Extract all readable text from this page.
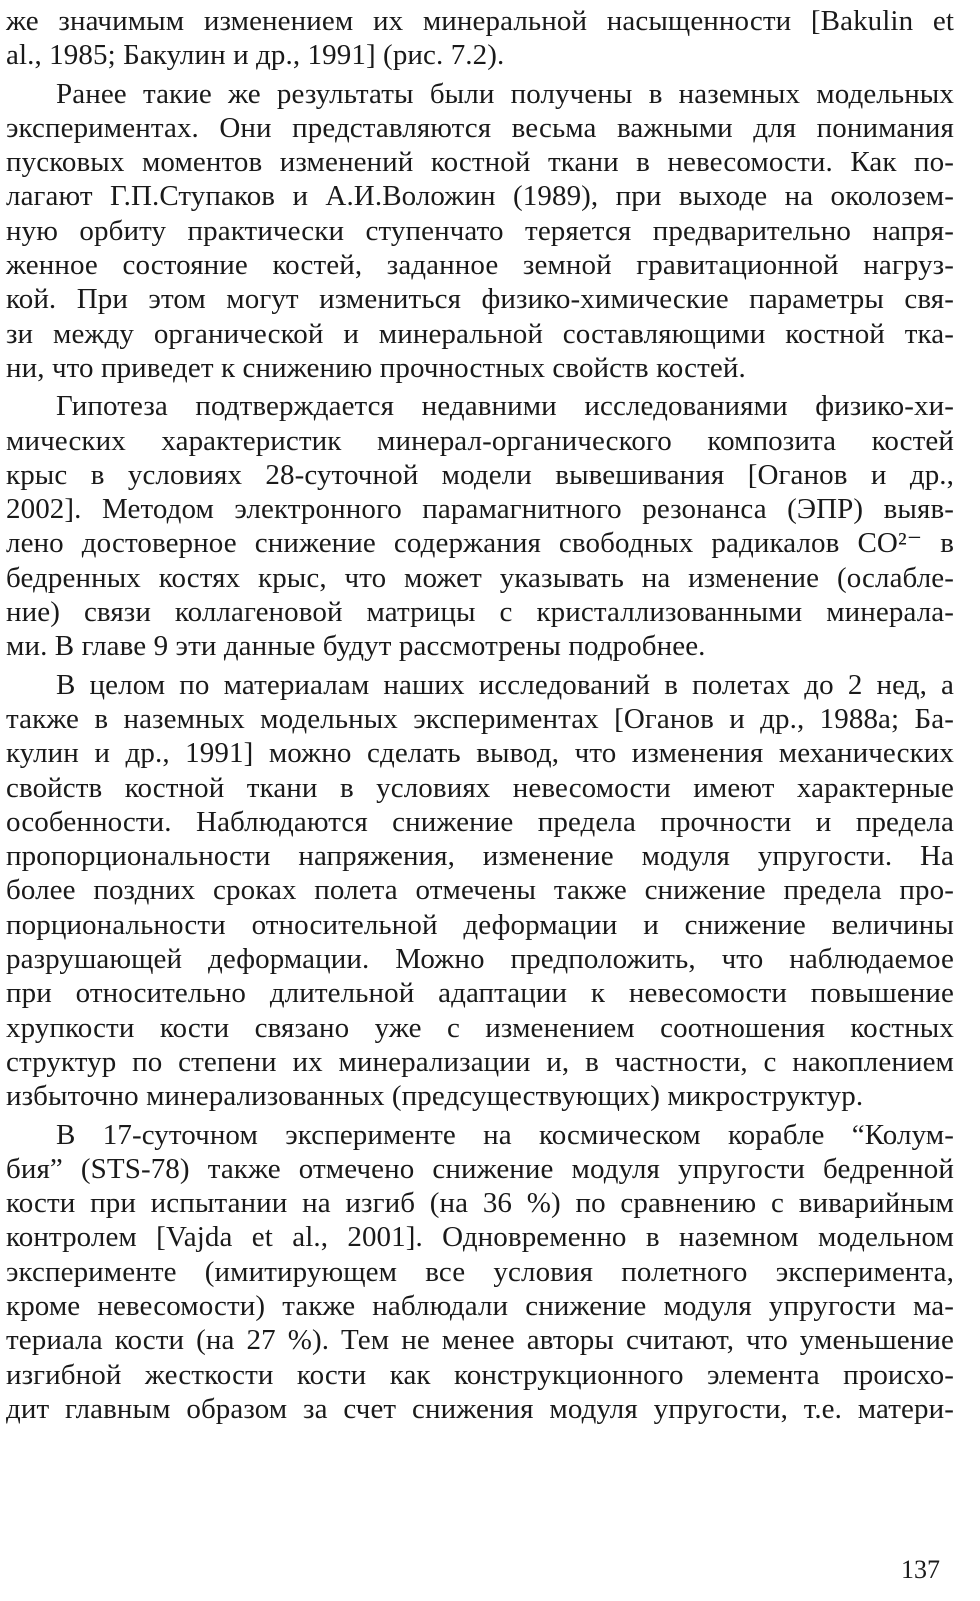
же значимым изменением их минеральной насыщенности [Bakulin et
al., 1985; Бакулин и др., 1991] (рис. 7.2).
Ранее такие же результаты были получены в наземных модельных
экспериментах. Они представляются весьма важными для понимания
пусковых моментов изменений костной ткани в невесомости. Как по-
лагают Г.П.Ступаков и А.И.Воложин (1989), при выходе на околозем-
ную орбиту практически ступенчато теряется предварительно напря-
женное состояние костей, заданное земной гравитационной нагруз-
кой. При этом могут измениться физико-химические параметры свя-
зи между органической и минеральной составляющими костной тка-
ни, что приведет к снижению прочностных свойств костей.
Гипотеза подтверждается недавними исследованиями физико-хи-
мических характеристик минерал-органического композита костей
крыс в условиях 28-суточной модели вывешивания [Оганов и др.,
2002]. Методом электронного парамагнитного резонанса (ЭПР) выяв-
лено достоверное снижение содержания свободных радикалов CO²⁻ в
бедренных костях крыс, что может указывать на изменение (ослабле-
ние) связи коллагеновой матрицы с кристаллизованными минерала-
ми. В главе 9 эти данные будут рассмотрены подробнее.
В целом по материалам наших исследований в полетах до 2 нед, а
также в наземных модельных экспериментах [Оганов и др., 1988а; Ба-
кулин и др., 1991] можно сделать вывод, что изменения механических
свойств костной ткани в условиях невесомости имеют характерные
особенности. Наблюдаются снижение предела прочности и предела
пропорциональности напряжения, изменение модуля упругости. На
более поздних сроках полета отмечены также снижение предела про-
порциональности относительной деформации и снижение величины
разрушающей деформации. Можно предположить, что наблюдаемое
при относительно длительной адаптации к невесомости повышение
хрупкости кости связано уже с изменением соотношения костных
структур по степени их минерализации и, в частности, с накоплением
избыточно минерализованных (предсуществующих) микроструктур.
В 17-суточном эксперименте на космическом корабле “Колум-
бия” (STS-78) также отмечено снижение модуля упругости бедренной
кости при испытании на изгиб (на 36 %) по сравнению с виварийным
контролем [Vajda et al., 2001]. Одновременно в наземном модельном
эксперименте (имитирующем все условия полетного эксперимента,
кроме невесомости) также наблюдали снижение модуля упругости ма-
териала кости (на 27 %). Тем не менее авторы считают, что уменьшение
изгибной жесткости кости как конструкционного элемента происхо-
дит главным образом за счет снижения модуля упругости, т.е. матери-
137
